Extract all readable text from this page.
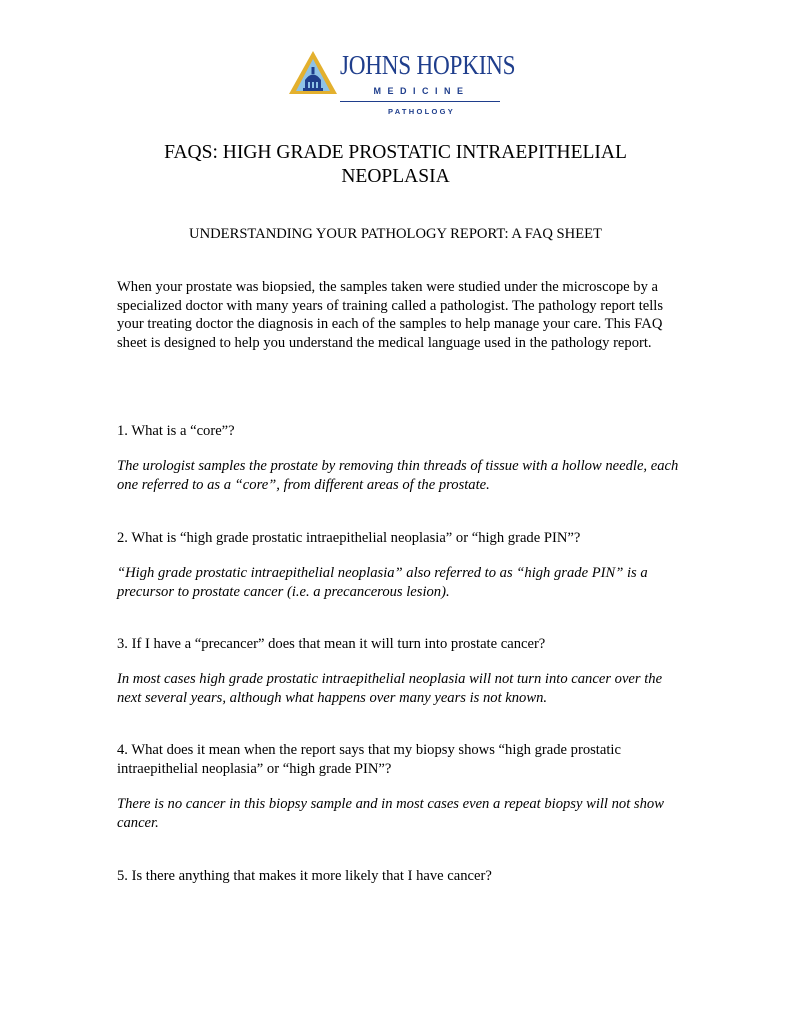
JOHNS HOPKINS
MEDICINE
PATHOLOGY
FAQS: HIGH GRADE PROSTATIC INTRAEPITHELIAL
NEOPLASIA
UNDERSTANDING YOUR PATHOLOGY REPORT: A FAQ SHEET

When your prostate was biopsied, the samples taken were studied under the microscope by a specialized doctor with many years of training called a pathologist. The pathology report tells your treating doctor the diagnosis in each of the samples to help manage your care. This FAQ sheet is designed to help you understand the medical language used in the pathology report.

1. What is a “core”?

The urologist samples the prostate by removing thin threads of tissue with a hollow needle, each one referred to as a “core”, from different areas of the prostate.

2. What is “high grade prostatic intraepithelial neoplasia” or “high grade PIN”?

“High grade prostatic intraepithelial neoplasia” also referred to as “high grade PIN” is a precursor to prostate cancer (i.e. a precancerous lesion).

3. If I have a “precancer” does that mean it will turn into prostate cancer?

In most cases high grade prostatic intraepithelial neoplasia will not turn into cancer over the next several years, although what happens over many years is not known.

4. What does it mean when the report says that my biopsy shows “high grade prostatic intraepithelial neoplasia” or “high grade PIN”?

There is no cancer in this biopsy sample and in most cases even a repeat biopsy will not show cancer.

5. Is there anything that makes it more likely that I have cancer?
